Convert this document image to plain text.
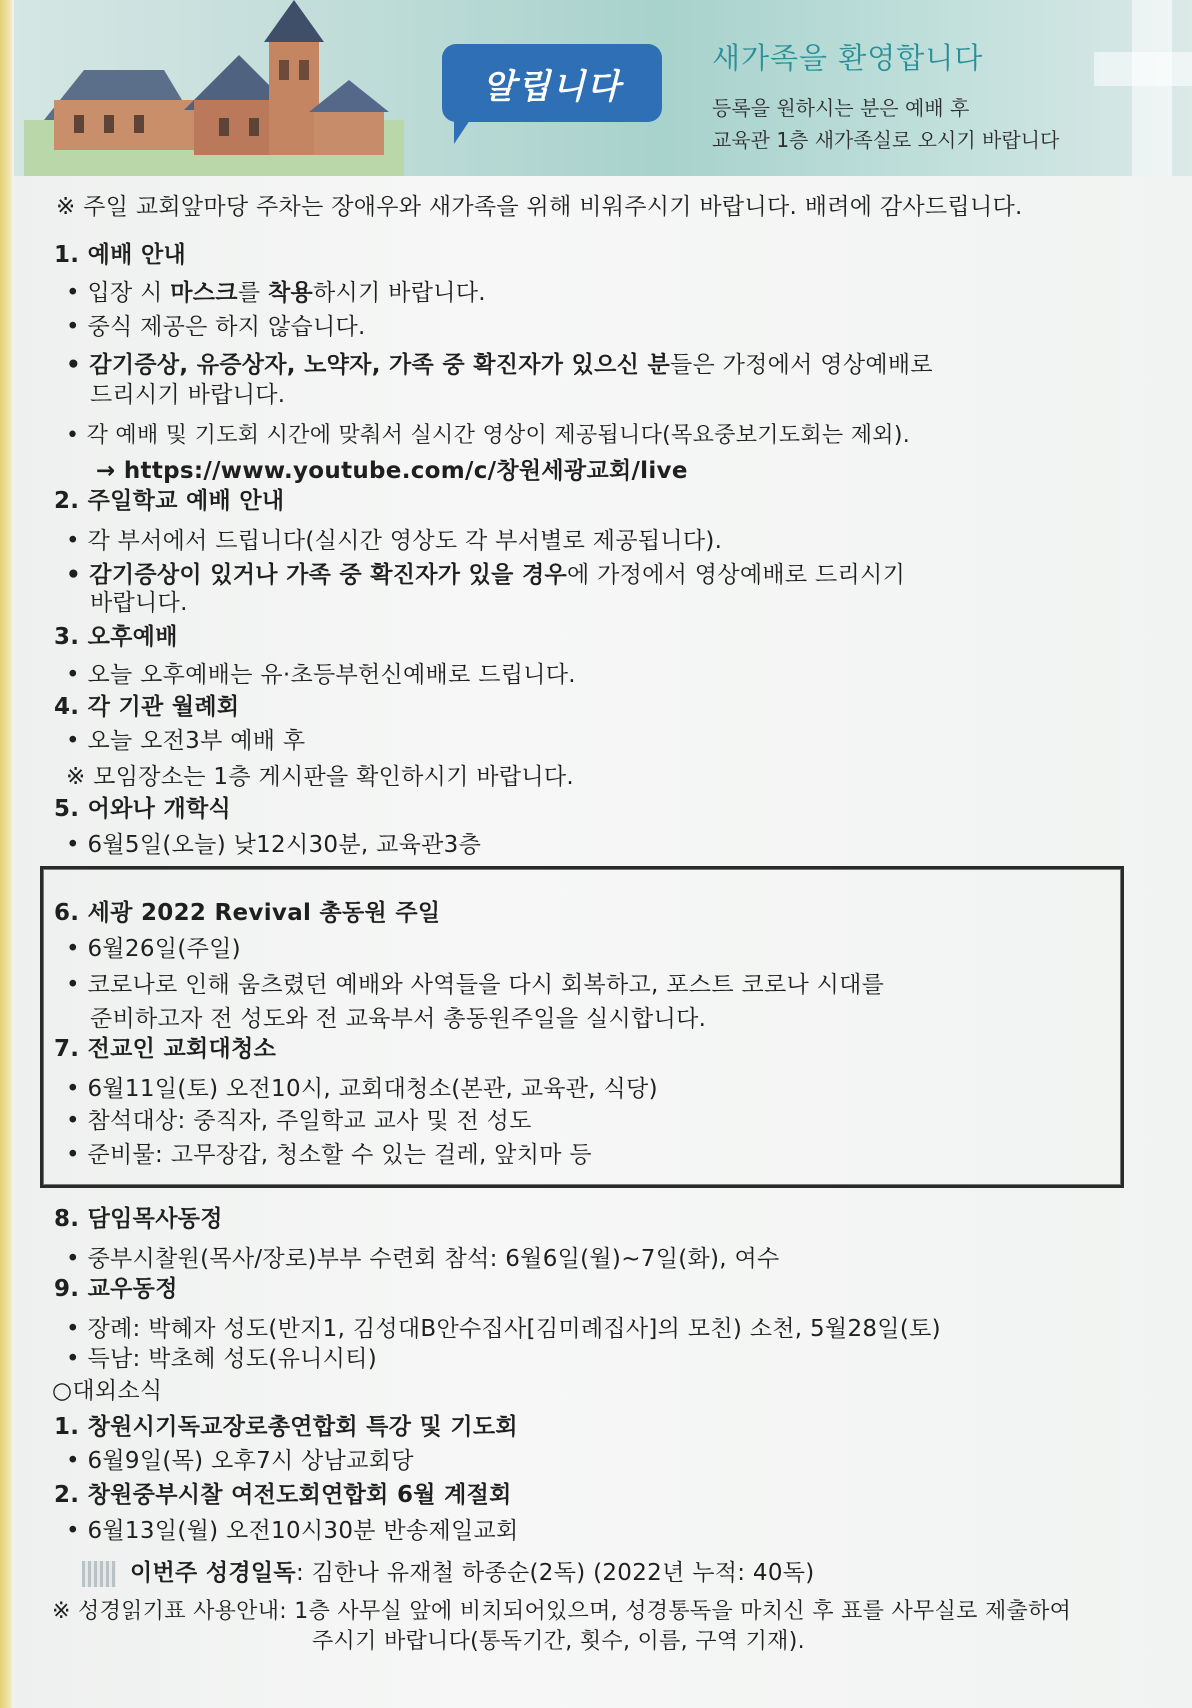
알립니다
새가족을 환영합니다
등록을 원하시는 분은 예배 후
교육관 1층 새가족실로 오시기 바랍니다
※ 주일 교회앞마당 주차는 장애우와 새가족을 위해 비워주시기 바랍니다. 배려에 감사드립니다.
1. 예배 안내
• 입장 시 마스크를 착용하시기 바랍니다.
• 중식 제공은 하지 않습니다.
• 감기증상, 유증상자, 노약자, 가족 중 확진자가 있으신 분들은 가정에서 영상예배로
드리시기 바랍니다.
• 각 예배 및 기도회 시간에 맞춰서 실시간 영상이 제공됩니다(목요중보기도회는 제외).
→ https://www.youtube.com/c/창원세광교회/live
2. 주일학교 예배 안내
• 각 부서에서 드립니다(실시간 영상도 각 부서별로 제공됩니다).
• 감기증상이 있거나 가족 중 확진자가 있을 경우에 가정에서 영상예배로 드리시기
바랍니다.
3. 오후예배
• 오늘 오후예배는 유·초등부헌신예배로 드립니다.
4. 각 기관 월례회
• 오늘 오전3부 예배 후
※ 모임장소는 1층 게시판을 확인하시기 바랍니다.
5. 어와나 개학식
• 6월5일(오늘) 낮12시30분, 교육관3층
6. 세광 2022 Revival 총동원 주일
• 6월26일(주일)
• 코로나로 인해 움츠렸던 예배와 사역들을 다시 회복하고, 포스트 코로나 시대를
준비하고자 전 성도와 전 교육부서 총동원주일을 실시합니다.
7. 전교인 교회대청소
• 6월11일(토) 오전10시, 교회대청소(본관, 교육관, 식당)
• 참석대상: 중직자, 주일학교 교사 및 전 성도
• 준비물: 고무장갑, 청소할 수 있는 걸레, 앞치마 등
8. 담임목사동정
• 중부시찰원(목사/장로)부부 수련회 참석: 6월6일(월)~7일(화), 여수
9. 교우동정
• 장례: 박혜자 성도(반지1, 김성대B안수집사[김미례집사]의 모친) 소천, 5월28일(토)
• 득남: 박초혜 성도(유니시티)
○대외소식
1. 창원시기독교장로총연합회 특강 및 기도회
• 6월9일(목) 오후7시 상남교회당
2. 창원중부시찰 여전도회연합회 6월 계절회
• 6월13일(월) 오전10시30분 반송제일교회
이번주 성경일독: 김한나 유재철 하종순(2독) (2022년 누적: 40독)
※ 성경읽기표 사용안내: 1층 사무실 앞에 비치되어있으며, 성경통독을 마치신 후 표를 사무실로 제출하여
주시기 바랍니다(통독기간, 횟수, 이름, 구역 기재).
